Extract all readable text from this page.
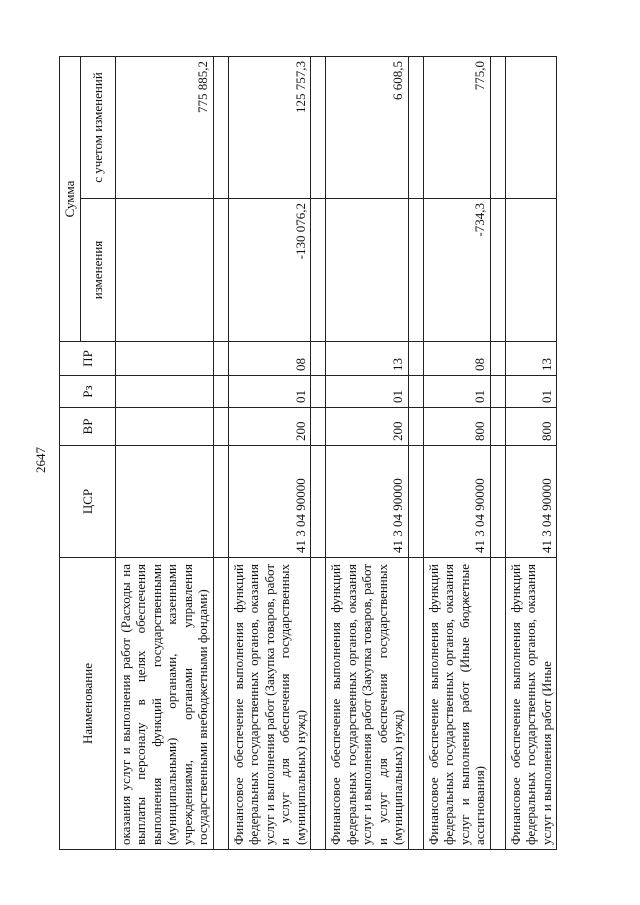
2647
Наименование	ЦСР	ВР	Рз	ПР	Сумма	
					изменения	с учетом изменений
оказания услуг и выполнения работ (Расходы на выплаты персоналу в целях обеспечения выполнения функций государственными (муниципальными) органами, казенными учреждениями, органами управления государственными внебюджетными фондами)						775 885,2

Финансовое обеспечение выполнения функций федеральных государственных органов, оказания услуг и выполнения работ (Закупка товаров, работ и услуг для обеспечения государственных (муниципальных) нужд)	41 3 04 90000	200	01	08	-130 076,2	125 757,3

Финансовое обеспечение выполнения функций федеральных государственных органов, оказания услуг и выполнения работ (Закупка товаров, работ и услуг для обеспечения государственных (муниципальных) нужд)	41 3 04 90000	200	01	13		6 608,5

Финансовое обеспечение выполнения функций федеральных государственных органов, оказания услуг и выполнения работ (Иные бюджетные ассигнования)	41 3 04 90000	800	01	08	-734,3	775,0

Финансовое обеспечение выполнения функций федеральных государственных органов, оказания услуг и выполнения работ (Иные	41 3 04 90000	800	01	13		
